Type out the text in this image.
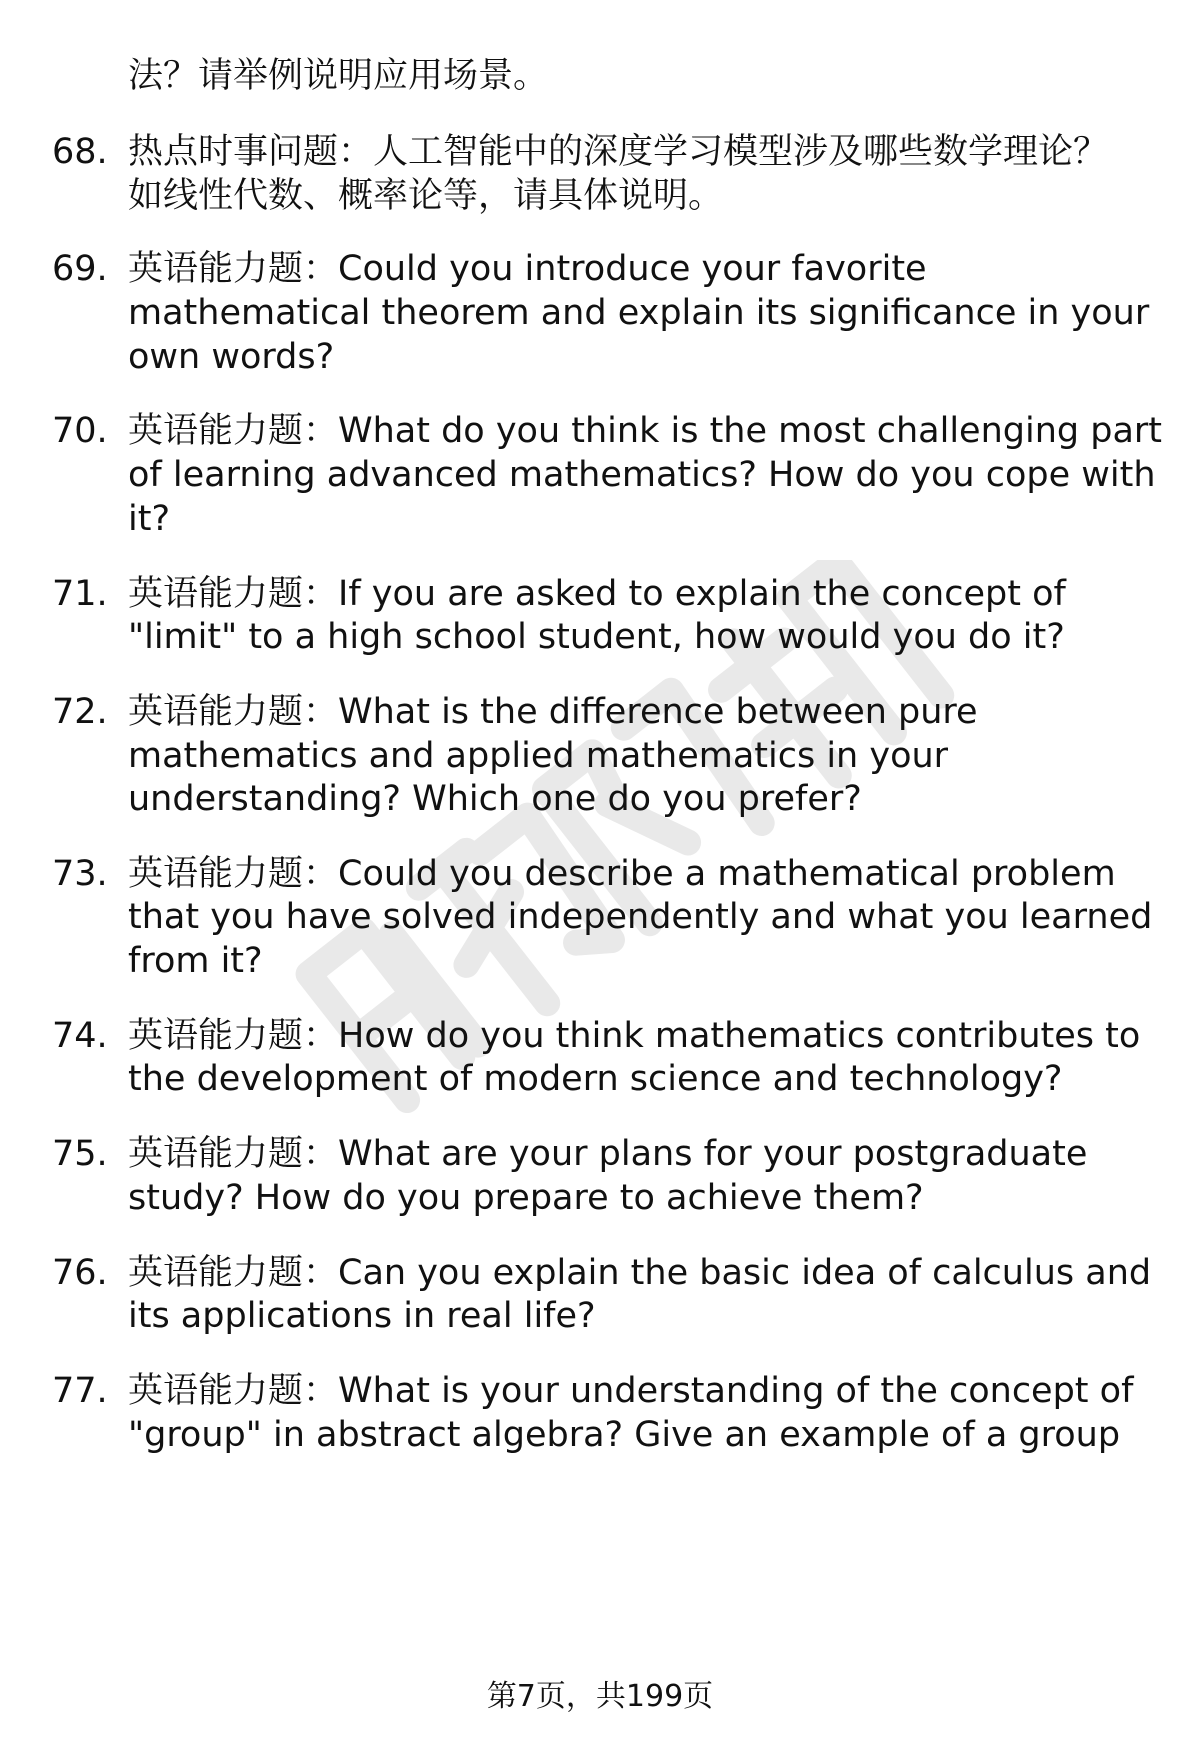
法？请举例说明应用场景。
68. 热点时事问题：人工智能中的深度学习模型涉及哪些数学理论？
如线性代数、概率论等，请具体说明。
69. 英语能力题：Could you introduce your favorite
mathematical theorem and explain its significance in your
own words?
70. 英语能力题：What do you think is the most challenging part
of learning advanced mathematics? How do you cope with
it?
71. 英语能力题：If you are asked to explain the concept of
"limit" to a high school student, how would you do it?
72. 英语能力题：What is the difference between pure
mathematics and applied mathematics in your
understanding? Which one do you prefer?
73. 英语能力题：Could you describe a mathematical problem
that you have solved independently and what you learned
from it?
74. 英语能力题：How do you think mathematics contributes to
the development of modern science and technology?
75. 英语能力题：What are your plans for your postgraduate
study? How do you prepare to achieve them?
76. 英语能力题：Can you explain the basic idea of calculus and
its applications in real life?
77. 英语能力题：What is your understanding of the concept of
"group" in abstract algebra? Give an example of a group
第7页，共199页
